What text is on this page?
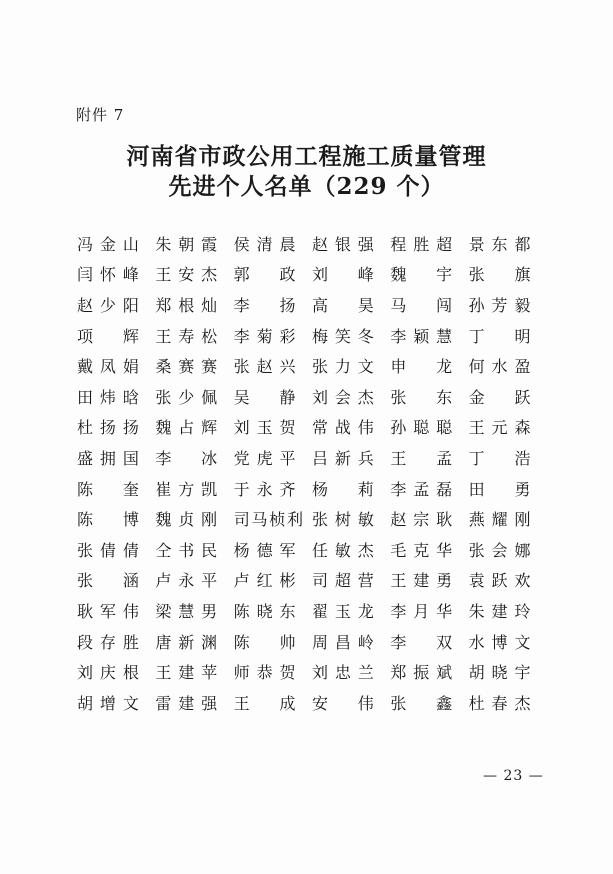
附件 7
河南省市政公用工程施工质量管理
先进个人名单（229 个）
冯金山	朱朝霞	侯清晨	赵银强	程胜超	景东都
闫怀峰	王安杰	郭　政	刘　峰	魏　宇	张　旗
赵少阳	郑根灿	李　扬	高　昊	马　闯	孙芳毅
项　辉	王寿松	李菊彩	梅笑冬	李颖慧	丁　明
戴凤娟	桑赛赛	张赵兴	张力文	申　龙	何水盈
田炜晗	张少佩	吴　静	刘会杰	张　东	金　跃
杜扬扬	魏占辉	刘玉贺	常战伟	孙聪聪	王元森
盛拥国	李　冰	党虎平	吕新兵	王　孟	丁　浩
陈　奎	崔方凯	于永齐	杨　莉	李孟磊	田　勇
陈　博	魏贞刚	司马桢利 张树敏	赵宗耿	燕耀刚
张倩倩	仝书民	杨德军	任敏杰	毛克华	张会娜
张　涵	卢永平	卢红彬	司超营	王建勇	袁跃欢
耿军伟	梁慧男	陈晓东	翟玉龙	李月华	朱建玲
段存胜	唐新渊	陈　帅	周昌岭	李　双	水博文
刘庆根	王建苹	师恭贺	刘忠兰	郑振斌	胡晓宇
胡增文	雷建强	王　成	安　伟	张　鑫	杜春杰
— 23 —
